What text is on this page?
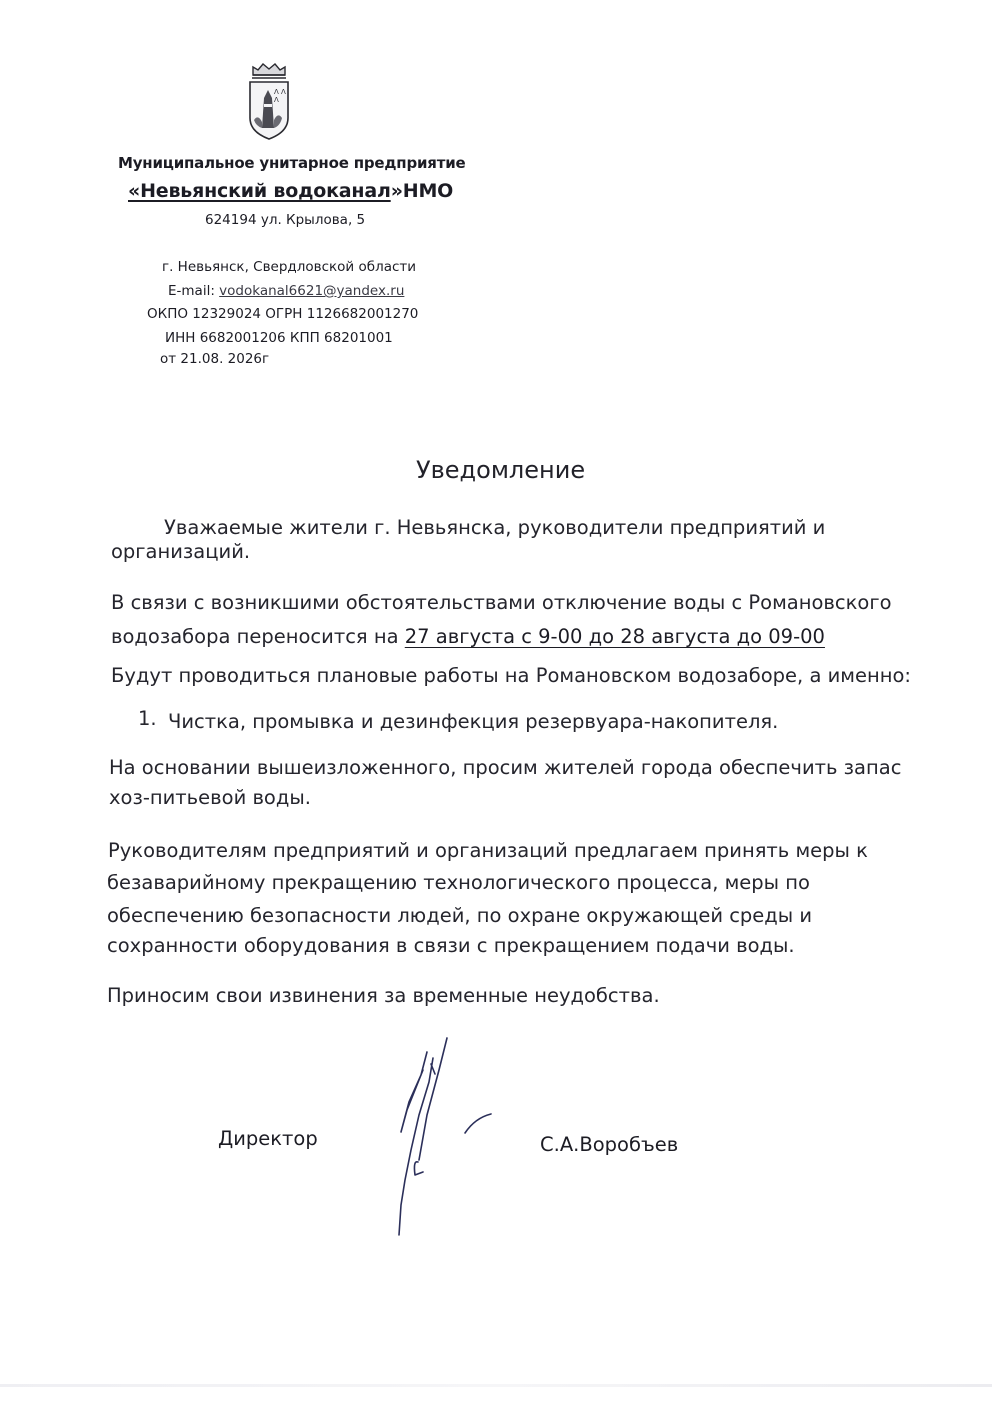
Λ Λ
Λ
Муниципальное унитарное предприятие
«Невьянский водоканал»НМО
624194 ул. Крылова, 5
г. Невьянск, Свердловской области
E-mail: vodokanal6621@yandex.ru
ОКПО 12329024 ОГРН 1126682001270
ИНН 6682001206 КПП 68201001
от 21.08. 2026г
Уведомление
Уважаемые жители г. Невьянска, руководители предприятий и
организаций.
В связи с возникшими обстоятельствами отключение воды с Романовского
водозабора переносится на 27 августа с 9-00 до 28 августа до 09-00
Будут проводиться плановые работы на Романовском водозаборе, а именно:
1. Чистка, промывка и дезинфекция резервуара-накопителя.
На основании вышеизложенного, просим жителей города обеспечить запас
хоз-питьевой воды.
Руководителям предприятий и организаций предлагаем принять меры к
безаварийному прекращению технологического процесса, меры по
обеспечению безопасности людей, по охране окружающей среды и
сохранности оборудования в связи с прекращением подачи воды.
Приносим свои извинения за временные неудобства.
Директор	С.А.Воробъев
